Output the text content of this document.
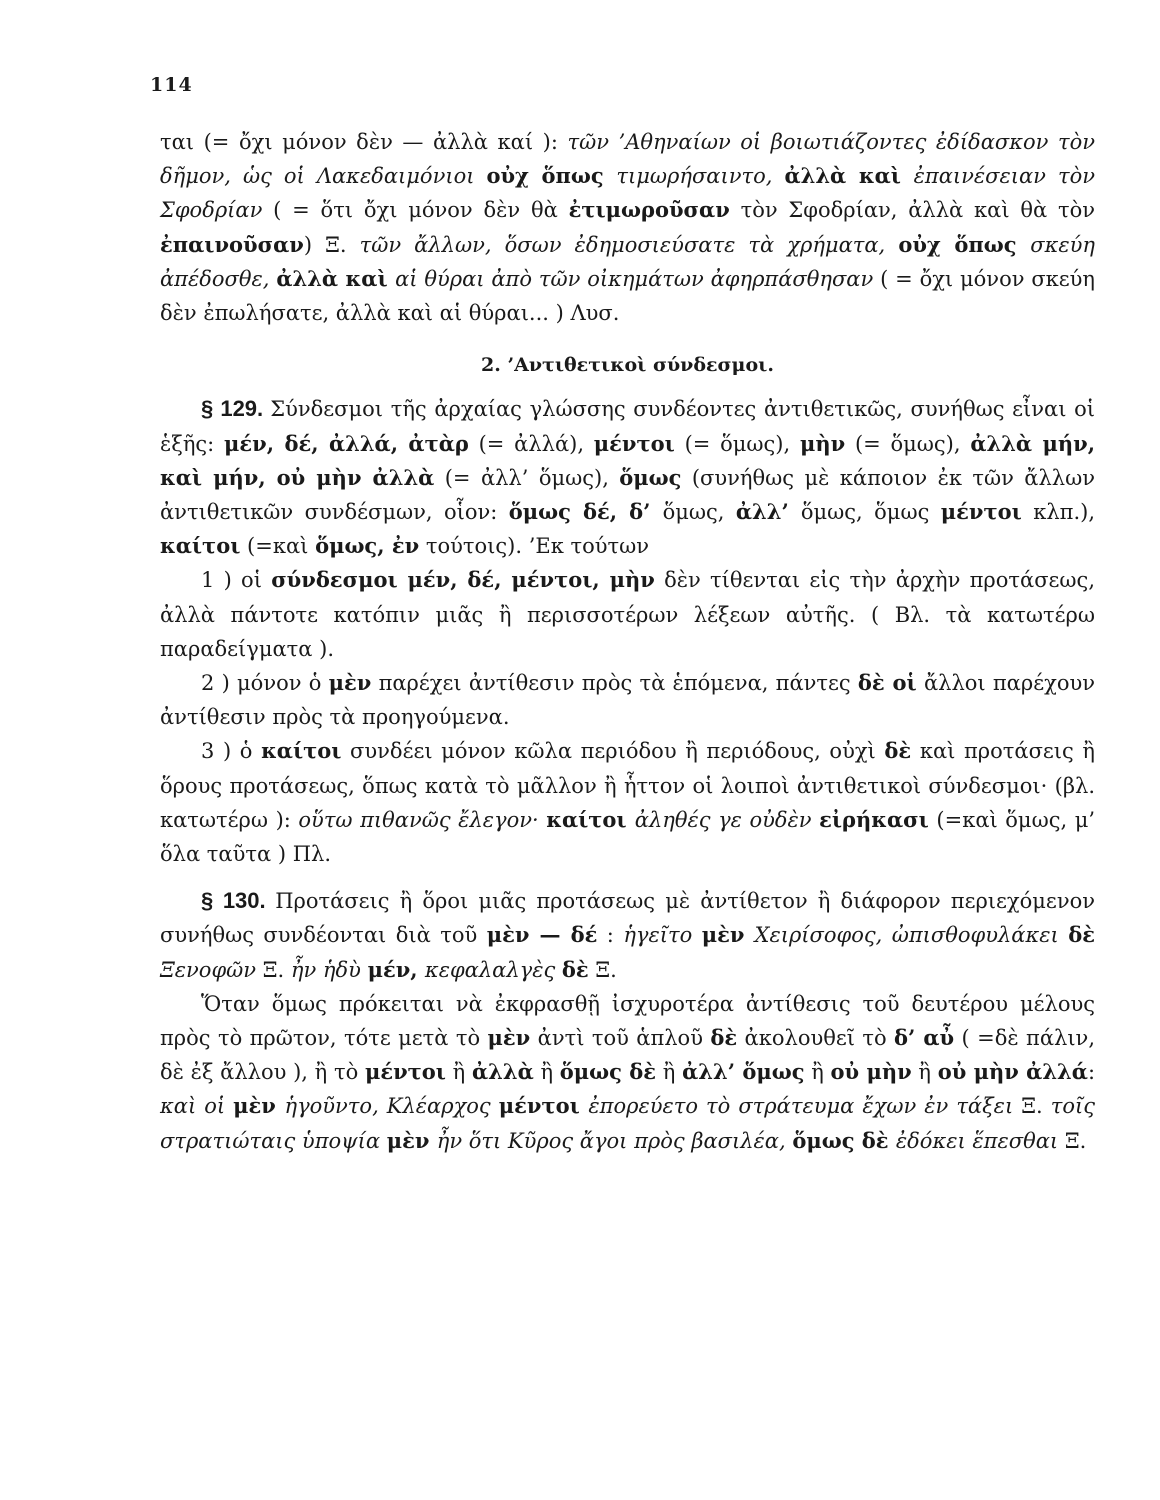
114

ται (= ὄχι μόνον δὲν — ἀλλὰ καί ): τῶν ’Αθηναίων οἱ βοιωτιάζοντες ἐδίδασκον τὸν δῆμον, ὡς οἱ Λακεδαιμόνιοι οὐχ ὅπως τιμωρήσαιντο, ἀλλὰ καὶ ἐπαινέσειαν τὸν Σφοδρίαν ( = ὅτι ὄχι μόνον δὲν θὰ ἐτιμωροῦσαν τὸν Σφοδρίαν, ἀλλὰ καὶ θὰ τὸν ἐπαινοῦσαν) Ξ. τῶν ἄλλων, ὅσων ἐδημοσιεύσατε τὰ χρήματα, οὐχ ὅπως σκεύη ἀπέδοσθε, ἀλλὰ καὶ αἱ θύραι ἀπὸ τῶν οἰκημάτων ἀφηρπάσθησαν ( = ὄχι μόνον σκεύη δὲν ἐπωλήσατε, ἀλλὰ καὶ αἱ θύραι... ) Λυσ.

2. ’Αντιθετικοὶ σύνδεσμοι.

§ 129. Σύνδεσμοι τῆς ἀρχαίας γλώσσης συνδέοντες ἀντιθετικῶς, συνήθως εἶναι οἱ ἑξῆς: μέν, δέ, ἀλλά, ἀτὰρ (= ἀλλά), μέντοι (= ὅμως), μὴν (= ὅμως), ἀλλὰ μήν, καὶ μήν, οὐ μὴν ἀλλὰ (= ἀλλ’ ὅμως), ὅμως (συνήθως μὲ κάποιον ἐκ τῶν ἄλλων ἀντιθετικῶν συνδέσμων, οἷον: ὅμως δέ, δ’ ὅμως, ἀλλ’ ὅμως, ὅμως μέντοι κλπ.), καίτοι (=καὶ ὅμως, ἐν τούτοις). ’Εκ τούτων

1 ) οἱ σύνδεσμοι μέν, δέ, μέντοι, μὴν δὲν τίθενται εἰς τὴν ἀρχὴν προτάσεως, ἀλλὰ πάντοτε κατόπιν μιᾶς ἢ περισσοτέρων λέξεων αὐτῆς. ( Βλ. τὰ κατωτέρω παραδείγματα ).

2 ) μόνον ὁ μὲν παρέχει ἀντίθεσιν πρὸς τὰ ἑπόμενα, πάντες δὲ οἱ ἄλλοι παρέχουν ἀντίθεσιν πρὸς τὰ προηγούμενα.

3 ) ὁ καίτοι συνδέει μόνον κῶλα περιόδου ἢ περιόδους, οὐχὶ δὲ καὶ προτάσεις ἢ ὅρους προτάσεως, ὅπως κατὰ τὸ μᾶλλον ἢ ἧττον οἱ λοιποὶ ἀντιθετικοὶ σύνδεσμοι· (βλ. κατωτέρω ): οὕτω πιθανῶς ἔλεγον· καίτοι ἀληθές γε οὐδὲν εἰρήκασι (=καὶ ὅμως, μ’ ὅλα ταῦτα ) Πλ.

§ 130. Προτάσεις ἢ ὅροι μιᾶς προτάσεως μὲ ἀντίθετον ἢ διάφορον περιεχόμενον συνήθως συνδέονται διὰ τοῦ μὲν — δέ : ἡγεῖτο μὲν Χειρίσοφος, ὠπισθοφυλάκει δὲ Ξενοφῶν Ξ. ἦν ἡδὺ μέν, κεφαλαλγὲς δὲ Ξ.

Ὅταν ὅμως πρόκειται νὰ ἐκφρασθῇ ἰσχυροτέρα ἀντίθεσις τοῦ δευτέρου μέλους πρὸς τὸ πρῶτον, τότε μετὰ τὸ μὲν ἀντὶ τοῦ ἁπλοῦ δὲ ἀκολουθεῖ τὸ δ’ αὖ ( =δὲ πάλιν, δὲ ἐξ ἄλλου ), ἢ τὸ μέντοι ἢ ἀλλὰ ἢ ὅμως δὲ ἢ ἀλλ’ ὅμως ἢ οὐ μὴν ἢ οὐ μὴν ἀλλά: καὶ οἱ μὲν ἡγοῦντο, Κλέαρχος μέντοι ἐπορεύετο τὸ στράτευμα ἔχων ἐν τάξει Ξ. τοῖς στρατιώταις ὑποψία μὲν ἦν ὅτι Κῦρος ἄγοι πρὸς βασιλέα, ὅμως δὲ ἐδόκει ἕπεσθαι Ξ.
